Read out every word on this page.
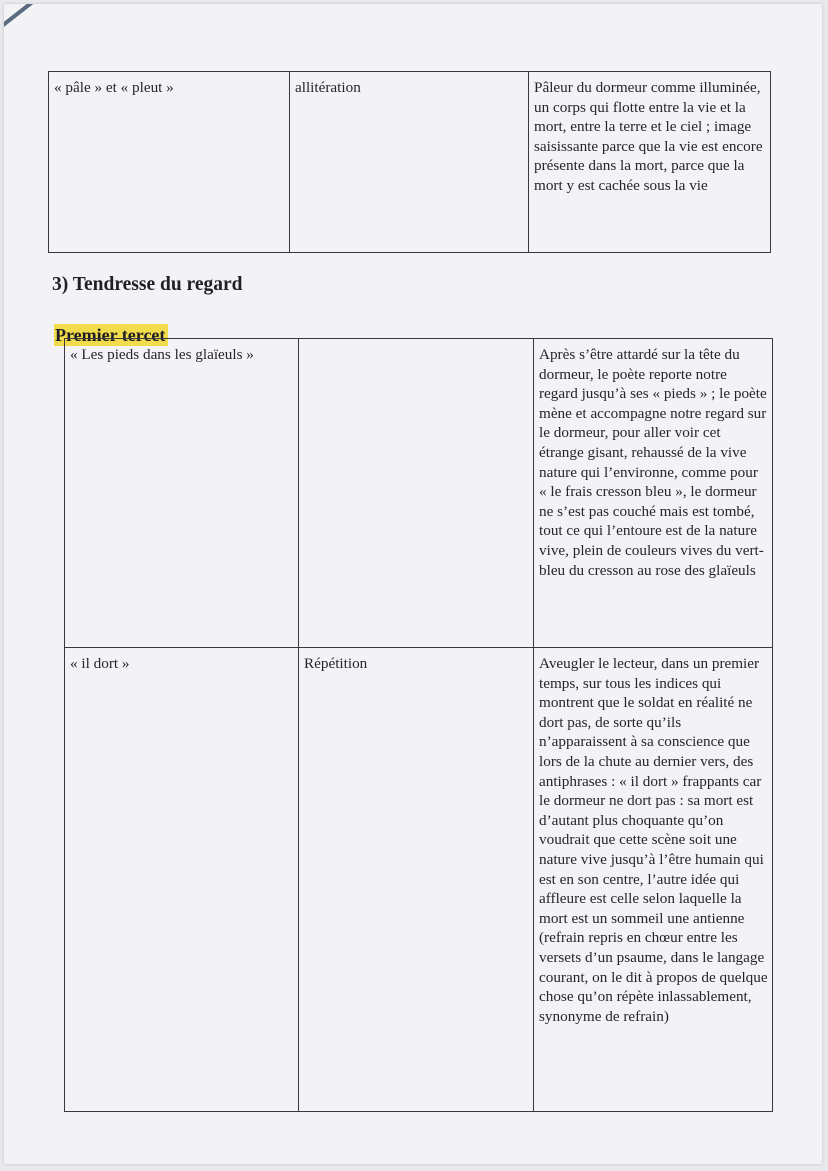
« pâle » et « pleut »	allitération	Pâleur du dormeur comme illuminée, un corps qui flotte entre la vie et la mort, entre la terre et le ciel ; image saisissante parce que la vie est encore présente dans la mort, parce que la mort y est cachée sous la vie
3) Tendresse du regard
Premier tercet
« Les pieds dans les glaïeuls »		Après s’être attardé sur la tête du dormeur, le poète reporte notre regard jusqu’à ses « pieds » ; le poète mène et accompagne notre regard sur le dormeur, pour aller voir cet étrange gisant, rehaussé de la vive nature qui l’environne, comme pour « le frais cresson bleu », le dormeur ne s’est pas couché mais est tombé, tout ce qui l’entoure est de la nature vive, plein de couleurs vives du vert-bleu du cresson au rose des glaïeuls
« il dort »	Répétition	Aveugler le lecteur, dans un premier temps, sur tous les indices qui montrent que le soldat en réalité ne dort pas, de sorte qu’ils n’apparaissent à sa conscience que lors de la chute au dernier vers, des antiphrases : « il dort » frappants car le dormeur ne dort pas : sa mort est d’autant plus choquante qu’on voudrait que cette scène soit une nature vive jusqu’à l’être humain qui est en son centre, l’autre idée qui affleure est celle selon laquelle la mort est un sommeil une antienne (refrain repris en chœur entre les versets d’un psaume, dans le langage courant, on le dit à propos de quelque chose qu’on répète inlassablement, synonyme de refrain)
